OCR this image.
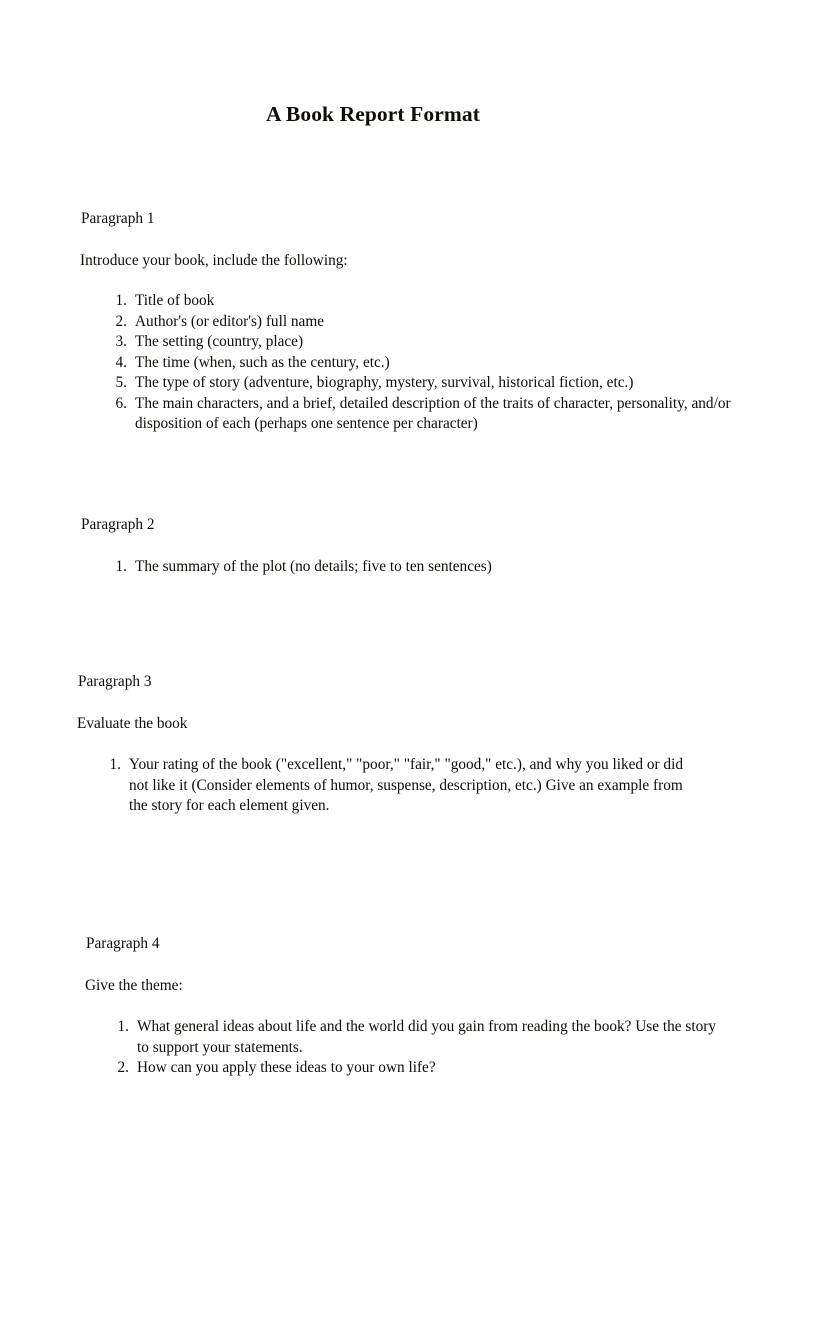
A Book Report Format
Paragraph 1
Introduce your book, include the following:
1. Title of book
2. Author's (or editor's) full name
3. The setting (country, place)
4. The time (when, such as the century, etc.)
5. The type of story (adventure, biography, mystery, survival, historical fiction, etc.)
6. The main characters, and a brief, detailed description of the traits of character, personality, and/or disposition of each (perhaps one sentence per character)
Paragraph 2
1. The summary of the plot (no details; five to ten sentences)
Paragraph 3
Evaluate the book
1. Your rating of the book ("excellent," "poor," "fair," "good," etc.), and why you liked or did not like it (Consider elements of humor, suspense, description, etc.) Give an example from the story for each element given.
Paragraph 4
Give the theme:
1. What general ideas about life and the world did you gain from reading the book? Use the story to support your statements.
2. How can you apply these ideas to your own life?
